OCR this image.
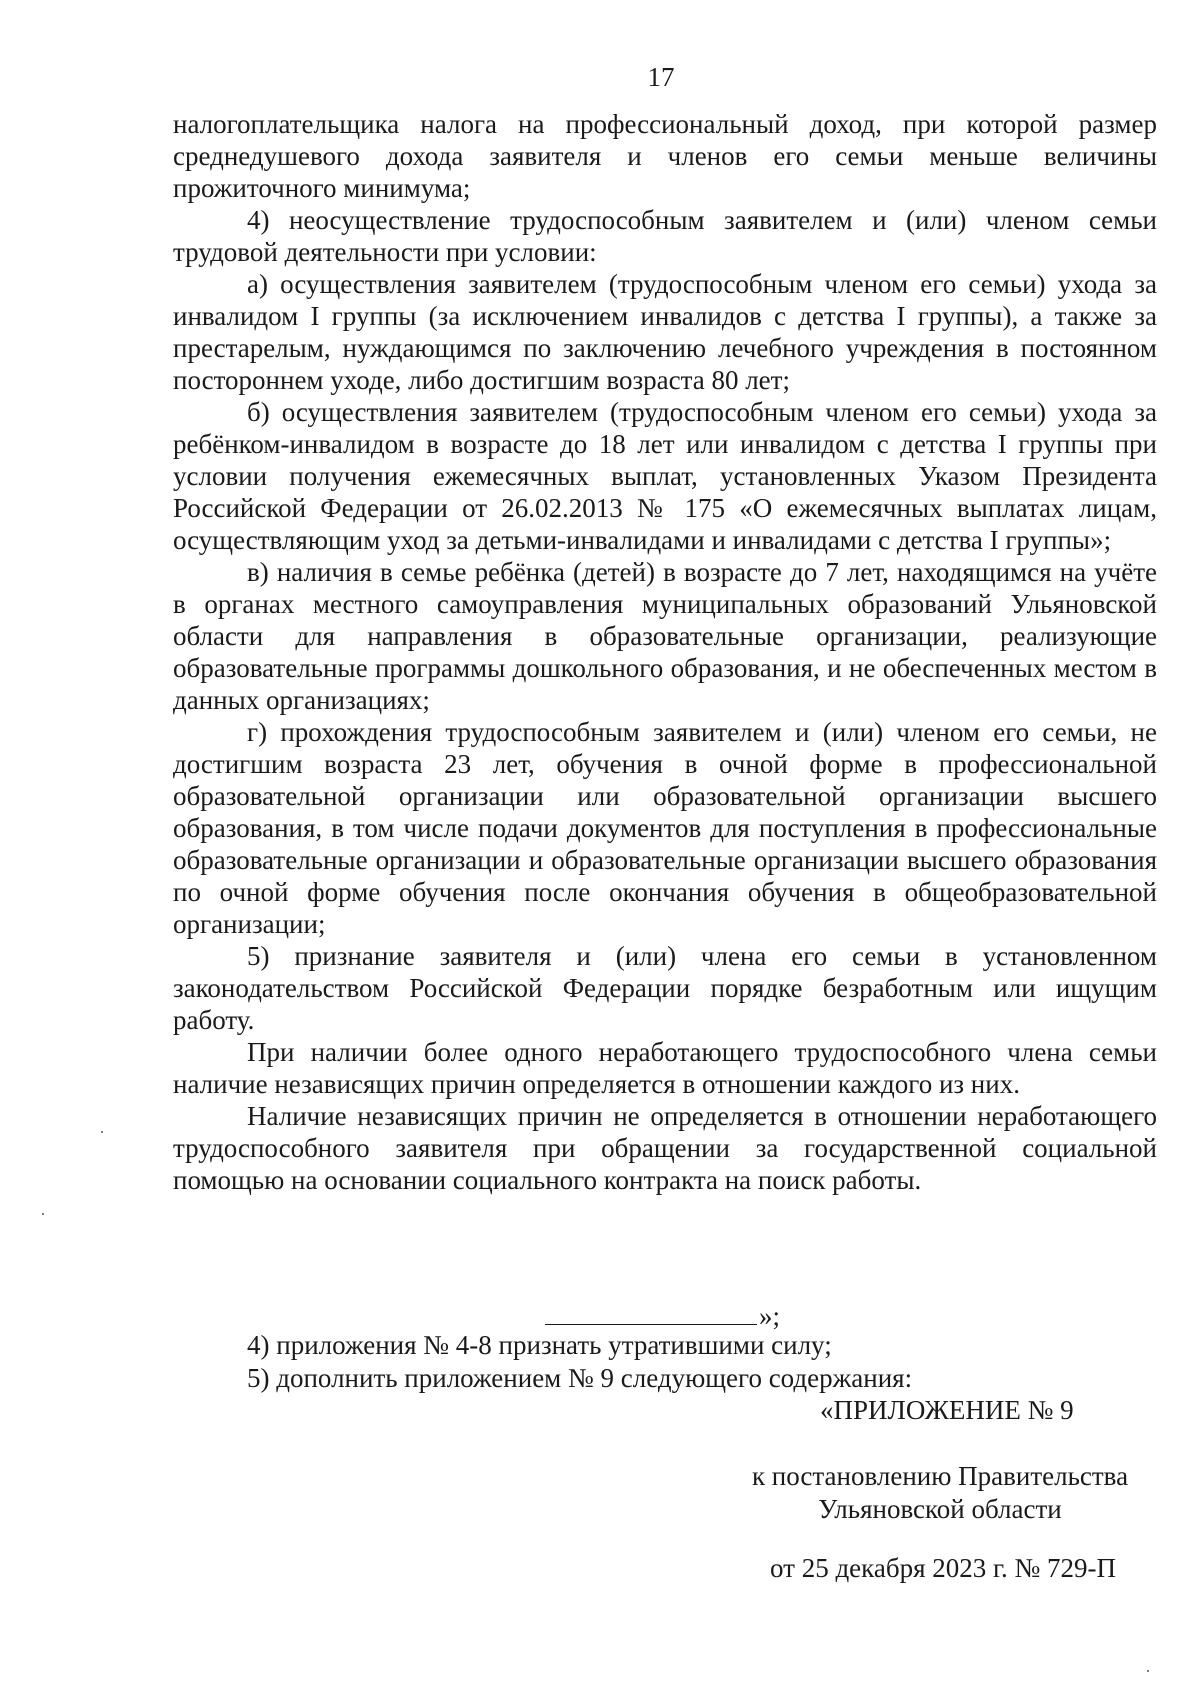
17

налогоплательщика налога на профессиональный доход, при которой размер среднедушевого дохода заявителя и членов его семьи меньше величины прожиточного минимума;

4) неосуществление трудоспособным заявителем и (или) членом семьи трудовой деятельности при условии:

а) осуществления заявителем (трудоспособным членом его семьи) ухода за инвалидом I группы (за исключением инвалидов с детства I группы), а также за престарелым, нуждающимся по заключению лечебного учреждения в постоянном постороннем уходе, либо достигшим возраста 80 лет;

б) осуществления заявителем (трудоспособным членом его семьи) ухода за ребёнком-инвалидом в возрасте до 18 лет или инвалидом с детства I группы при условии получения ежемесячных выплат, установленных Указом Президента Российской Федерации от 26.02.2013 № 175 «О ежемесячных выплатах лицам, осуществляющим уход за детьми-инвалидами и инвалидами с детства I группы»;

в) наличия в семье ребёнка (детей) в возрасте до 7 лет, находящимся на учёте в органах местного самоуправления муниципальных образований Ульяновской области для направления в образовательные организации, реализующие образовательные программы дошкольного образования, и не обеспеченных местом в данных организациях;

г) прохождения трудоспособным заявителем и (или) членом его семьи, не достигшим возраста 23 лет, обучения в очной форме в профессиональной образовательной организации или образовательной организации высшего образования, в том числе подачи документов для поступления в профессиональные образовательные организации и образовательные организации высшего образования по очной форме обучения после окончания обучения в общеобразовательной организации;

5) признание заявителя и (или) члена его семьи в установленном законодательством Российской Федерации порядке безработным или ищущим работу.

При наличии более одного неработающего трудоспособного члена семьи наличие независящих причин определяется в отношении каждого из них.

Наличие независящих причин не определяется в отношении неработающего трудоспособного заявителя при обращении за государственной социальной помощью на основании социального контракта на поиск работы.

»;
4) приложения № 4-8 признать утратившими силу;
5) дополнить приложением № 9 следующего содержания:
«ПРИЛОЖЕНИЕ № 9
к постановлению Правительства
Ульяновской области
от 25 декабря 2023 г. № 729-П
